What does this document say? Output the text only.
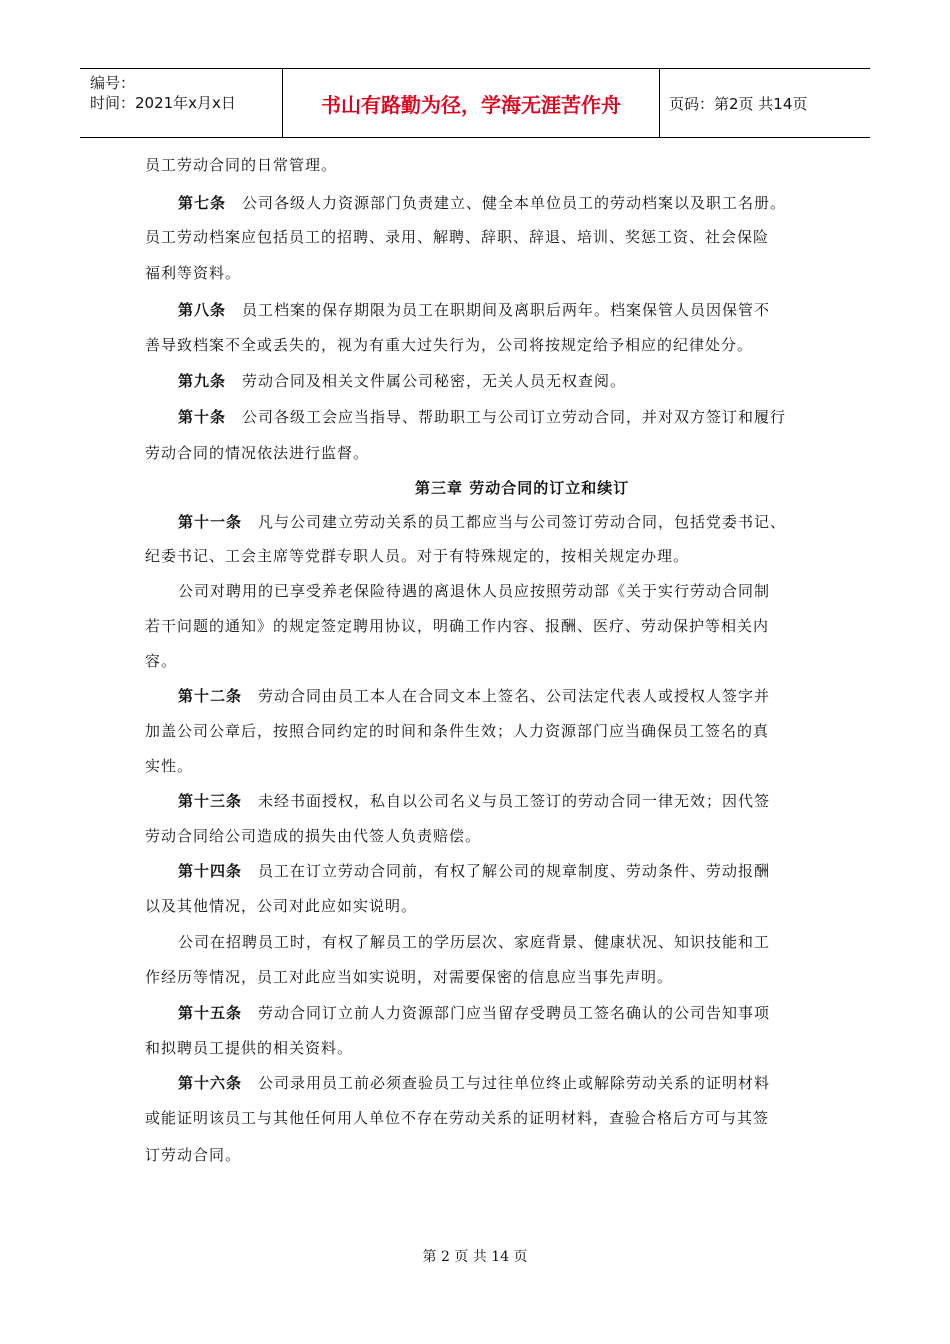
编号：
时间：2021年x月x日	书山有路勤为径，学海无涯苦作舟	页码：第2页 共14页
员工劳动合同的日常管理。
第七条 公司各级人力资源部门负责建立、健全本单位员工的劳动档案以及职工名册。
员工劳动档案应包括员工的招聘、录用、解聘、辞职、辞退、培训、奖惩工资、社会保险
福利等资料。
第八条 员工档案的保存期限为员工在职期间及离职后两年。档案保管人员因保管不
善导致档案不全或丢失的，视为有重大过失行为，公司将按规定给予相应的纪律处分。
第九条 劳动合同及相关文件属公司秘密，无关人员无权查阅。
第十条 公司各级工会应当指导、帮助职工与公司订立劳动合同，并对双方签订和履行
劳动合同的情况依法进行监督。
第三章 劳动合同的订立和续订
第十一条 凡与公司建立劳动关系的员工都应当与公司签订劳动合同，包括党委书记、
纪委书记、工会主席等党群专职人员。对于有特殊规定的，按相关规定办理。
公司对聘用的已享受养老保险待遇的离退休人员应按照劳动部《关于实行劳动合同制
若干问题的通知》的规定签定聘用协议，明确工作内容、报酬、医疗、劳动保护等相关内
容。
第十二条 劳动合同由员工本人在合同文本上签名、公司法定代表人或授权人签字并
加盖公司公章后，按照合同约定的时间和条件生效；人力资源部门应当确保员工签名的真
实性。
第十三条 未经书面授权，私自以公司名义与员工签订的劳动合同一律无效；因代签
劳动合同给公司造成的损失由代签人负责赔偿。
第十四条 员工在订立劳动合同前，有权了解公司的规章制度、劳动条件、劳动报酬
以及其他情况，公司对此应如实说明。
公司在招聘员工时，有权了解员工的学历层次、家庭背景、健康状况、知识技能和工
作经历等情况，员工对此应当如实说明，对需要保密的信息应当事先声明。
第十五条 劳动合同订立前人力资源部门应当留存受聘员工签名确认的公司告知事项
和拟聘员工提供的相关资料。
第十六条 公司录用员工前必须查验员工与过往单位终止或解除劳动关系的证明材料
或能证明该员工与其他任何用人单位不存在劳动关系的证明材料，查验合格后方可与其签
订劳动合同。
第 2 页 共 14 页
